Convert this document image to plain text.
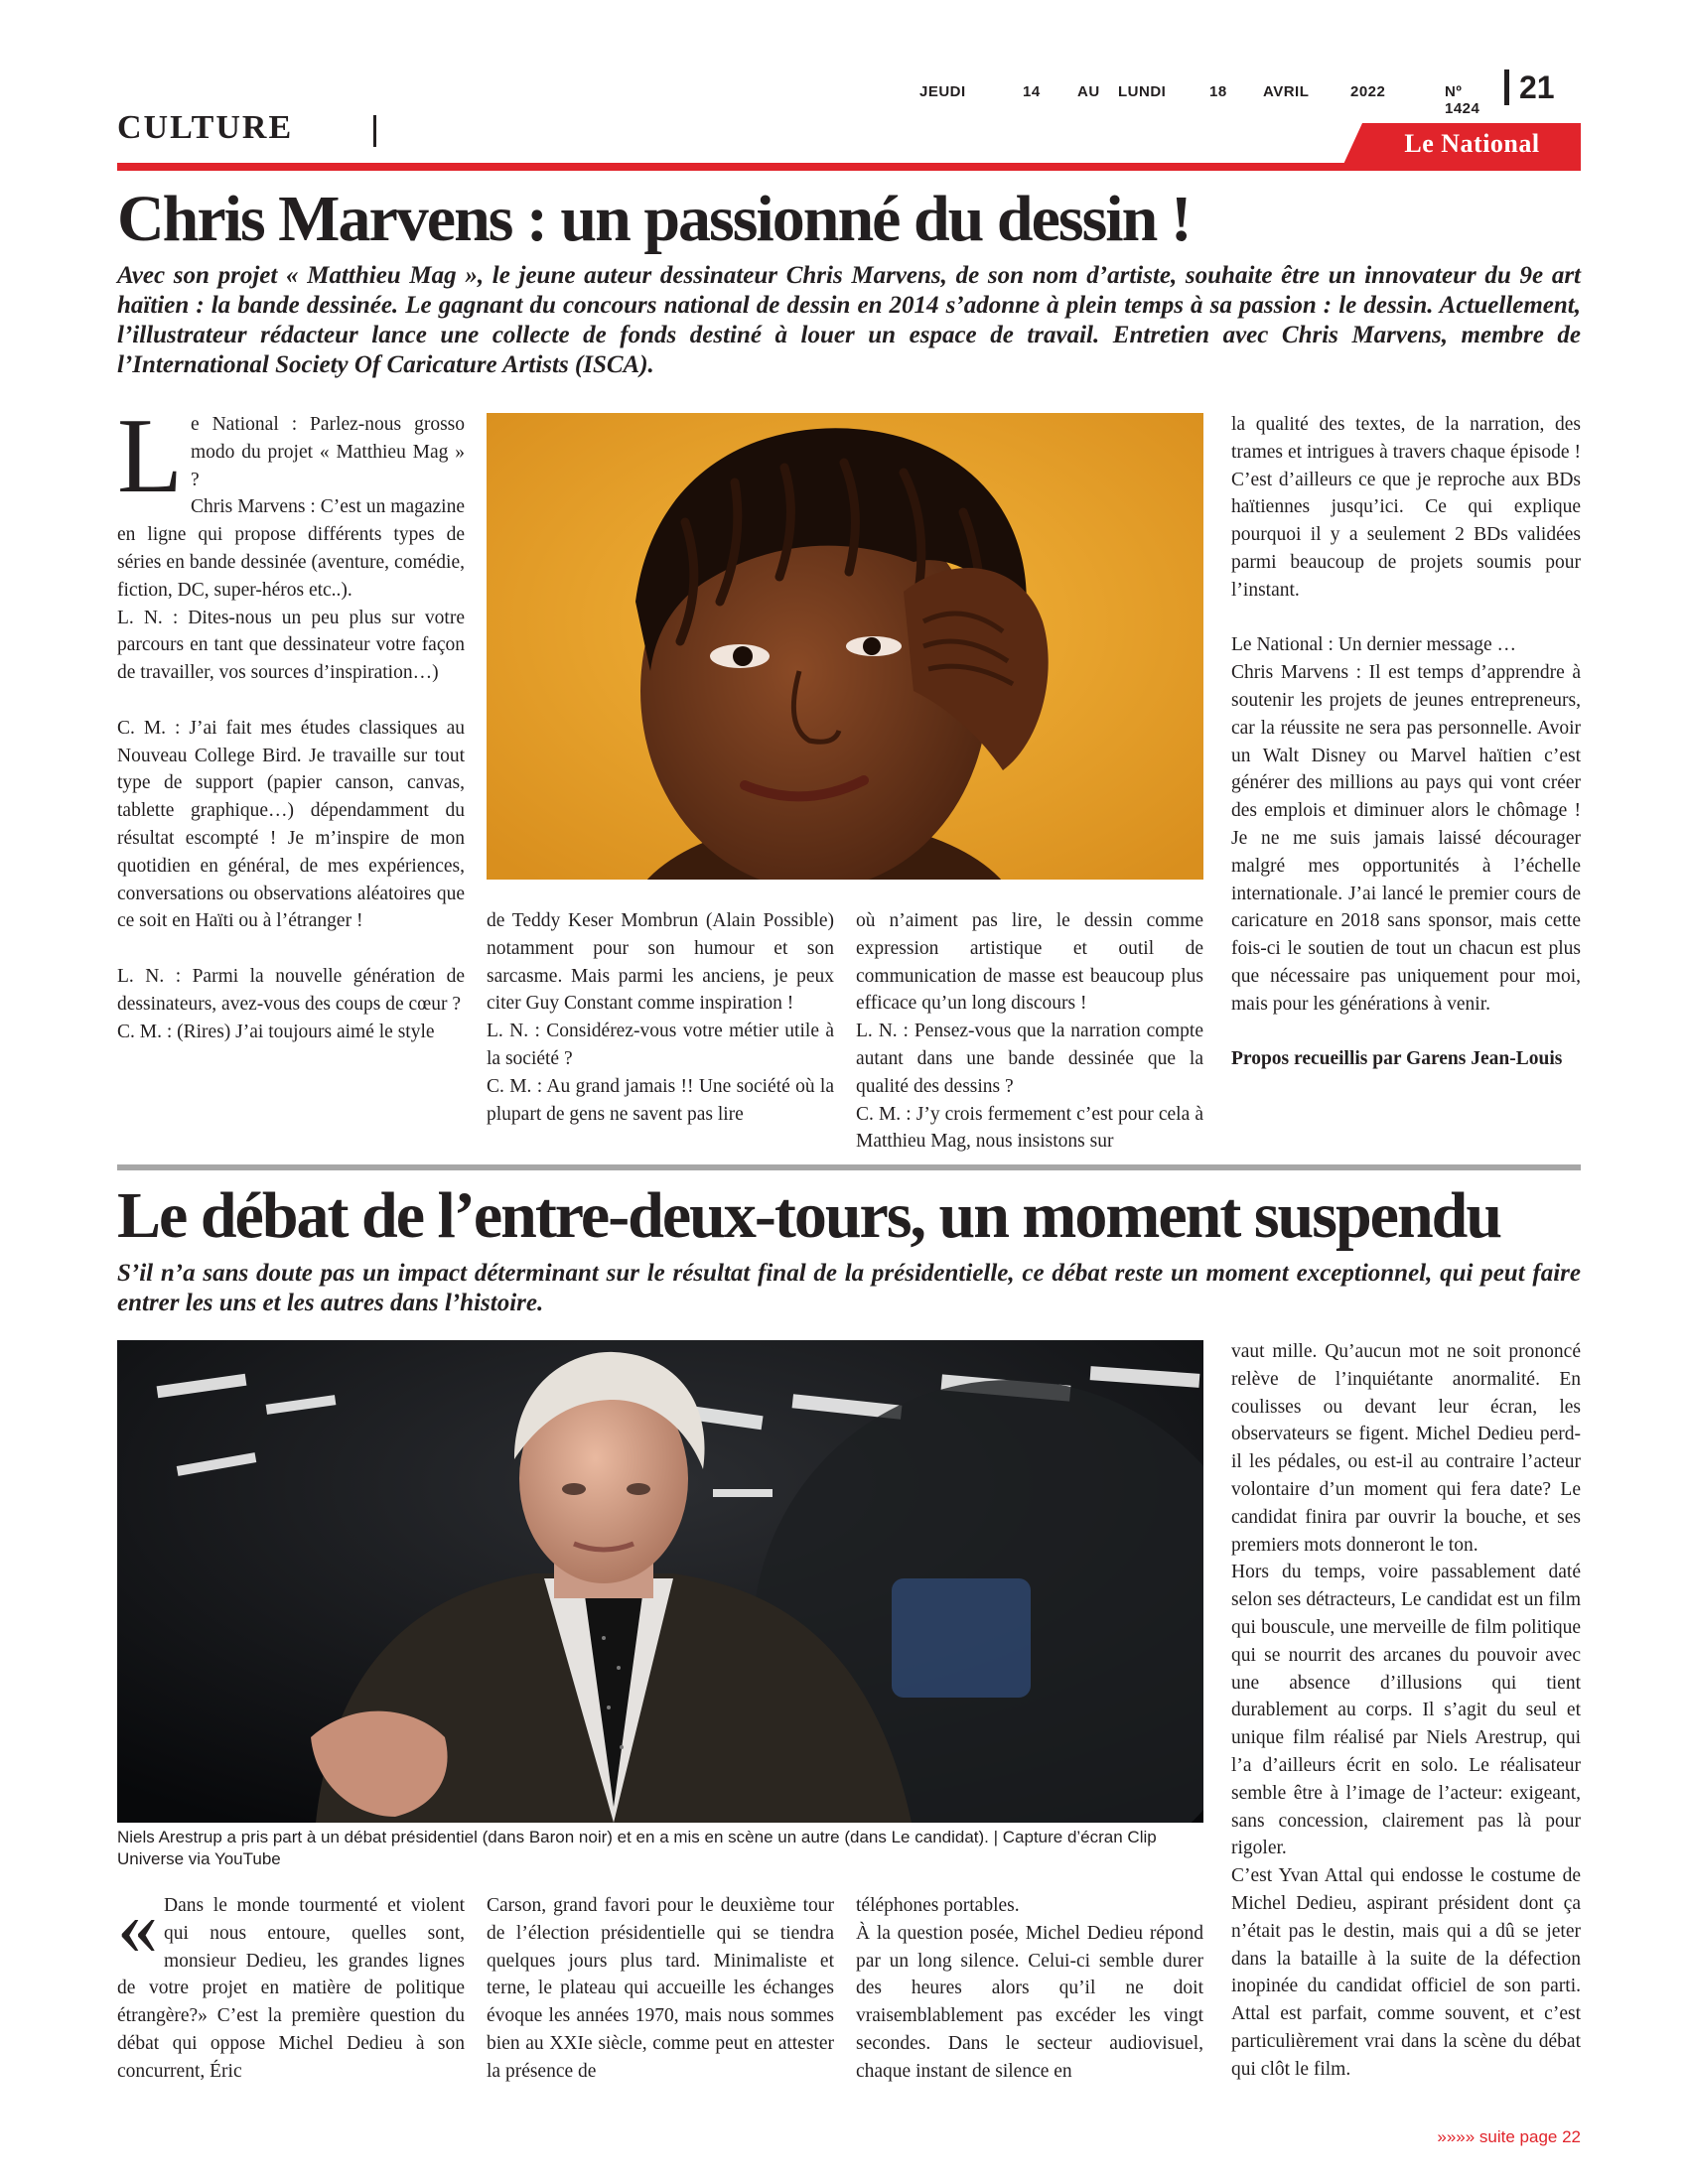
JEUDI	14 AU LUNDI	18 AVRIL	2022	Nº 1424
21
CULTURE	Le National
Chris Marvens : un passionné du dessin !
Avec son projet « Matthieu Mag », le jeune auteur dessinateur Chris Marvens, de son nom d’artiste, souhaite être un innovateur du 9e art haïtien : la bande dessinée. Le gagnant du concours national de dessin en 2014 s’adonne à plein temps à sa passion : le dessin. Actuellement, l’illustrateur rédacteur lance une collecte de fonds destiné à louer un espace de travail. Entretien avec Chris Marvens, membre de l’International Society Of Caricature Artists (ISCA).
L e National : Parlez-nous grosso modo du projet « Matthieu Mag » ?

Chris Marvens : C’est un magazine en ligne qui propose différents types de séries en bande dessinée (aventure, comédie, fiction, DC, super-héros etc..).

L. N. : Dites-nous un peu plus sur votre parcours en tant que dessinateur votre façon de travailler, vos sources d’inspiration…)

C. M. : J’ai fait mes études classiques au Nouveau College Bird. Je travaille sur tout type de support (papier canson, canvas, tablette graphique…) dépendamment du résultat escompté ! Je m’inspire de mon quotidien en général, de mes expériences, conversations ou observations aléatoires que ce soit en Haïti ou à l’étranger !

L. N. : Parmi la nouvelle génération de dessinateurs, avez-vous des coups de cœur ?

C. M. : (Rires) J’ai toujours aimé le style

de Teddy Keser Mombrun (Alain Possible) notamment pour son humour et son sarcasme. Mais parmi les anciens, je peux citer Guy Constant comme inspiration !

L. N. : Considérez-vous votre métier utile à la société ?

C. M. : Au grand jamais !! Une société où la plupart de gens ne savent pas lire

où n’aiment pas lire, le dessin comme expression artistique et outil de communication de masse est beaucoup plus efficace qu’un long discours !

L. N. : Pensez-vous que la narration compte autant dans une bande dessinée que la qualité des dessins ?

C. M. : J’y crois fermement c’est pour cela à Matthieu Mag, nous insistons sur

la qualité des textes, de la narration, des trames et intrigues à travers chaque épisode ! C’est d’ailleurs ce que je reproche aux BDs haïtiennes jusqu’ici. Ce qui explique pourquoi il y a seulement 2 BDs validées parmi beaucoup de projets soumis pour l’instant.

Le National : Un dernier message …

Chris Marvens : Il est temps d’apprendre à soutenir les projets de jeunes entrepreneurs, car la réussite ne sera pas personnelle. Avoir un Walt Disney ou Marvel haïtien c’est générer des millions au pays qui vont créer des emplois et diminuer alors le chômage ! Je ne me suis jamais laissé décourager malgré mes opportunités à l’échelle internationale. J’ai lancé le premier cours de caricature en 2018 sans sponsor, mais cette fois-ci le soutien de tout un chacun est plus que nécessaire pas uniquement pour moi, mais pour les générations à venir.

Propos recueillis par Garens Jean-Louis

Le débat de l’entre-deux-tours, un moment suspendu
S’il n’a sans doute pas un impact déterminant sur le résultat final de la présidentielle, ce débat reste un moment exceptionnel, qui peut faire entrer les uns et les autres dans l’histoire.
Niels Arestrup a pris part à un débat présidentiel (dans Baron noir) et en a mis en scène un autre (dans Le candidat). | Capture d’écran Clip Universe via YouTube
« Dans le monde tourmenté et violent qui nous entoure, quelles sont, monsieur Dedieu, les grandes lignes de votre projet en matière de politique étrangère?» C’est la première question du débat qui oppose Michel Dedieu à son concurrent, Éric

Carson, grand favori pour le deuxième tour de l’élection présidentielle qui se tiendra quelques jours plus tard. Minimaliste et terne, le plateau qui accueille les échanges évoque les années 1970, mais nous sommes bien au XXIe siècle, comme peut en attester la présence de

téléphones portables.

À la question posée, Michel Dedieu répond par un long silence. Celui-ci semble durer des heures alors qu’il ne doit vraisemblablement pas excéder les vingt secondes. Dans le secteur audiovisuel, chaque instant de silence en

vaut mille. Qu’aucun mot ne soit prononcé relève de l’inquiétante anormalité. En coulisses ou devant leur écran, les observateurs se figent. Michel Dedieu perd-il les pédales, ou est-il au contraire l’acteur volontaire d’un moment qui fera date? Le candidat finira par ouvrir la bouche, et ses premiers mots donneront le ton.

Hors du temps, voire passablement daté selon ses détracteurs, Le candidat est un film qui bouscule, une merveille de film politique qui se nourrit des arcanes du pouvoir avec une absence d’illusions qui tient durablement au corps. Il s’agit du seul et unique film réalisé par Niels Arestrup, qui l’a d’ailleurs écrit en solo. Le réalisateur semble être à l’image de l’acteur: exigeant, sans concession, clairement pas là pour rigoler.

C’est Yvan Attal qui endosse le costume de Michel Dedieu, aspirant président dont ça n’était pas le destin, mais qui a dû se jeter dans la bataille à la suite de la défection inopinée du candidat officiel de son parti. Attal est parfait, comme souvent, et c’est particulièrement vrai dans la scène du débat qui clôt le film.

»»»» suite page 22
